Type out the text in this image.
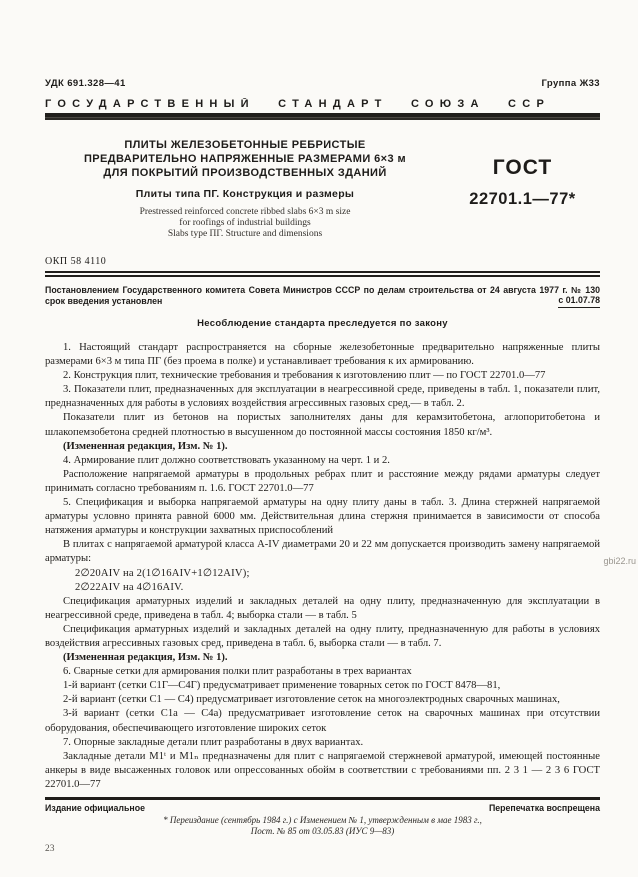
УДК 691.328—41	Группа Ж33
ГОСУДАРСТВЕННЫЙ СТАНДАРТ СОЮЗА ССР
ПЛИТЫ ЖЕЛЕЗОБЕТОННЫЕ РЕБРИСТЫЕ
ПРЕДВАРИТЕЛЬНО НАПРЯЖЕННЫЕ РАЗМЕРАМИ 6×3 м
ДЛЯ ПОКРЫТИЙ ПРОИЗВОДСТВЕННЫХ ЗДАНИЙ
Плиты типа ПГ. Конструкция и размеры
Prestressed reinforced concrete ribbed slabs 6×3 m size
for roofings of industrial buildings
Slabs type ПГ. Structure and dimensions
ГОСТ
22701.1—77*
ОКП 58 4110
Постановлением Государственного комитета Совета Министров СССР по делам строительства от 24 августа 1977 г. № 130 срок введения установлен	с 01.07.78
Несоблюдение стандарта преследуется по закону

1. Настоящий стандарт распространяется на сборные железобетонные предварительно напряженные плиты размерами 6×3 м типа ПГ (без проема в полке) и устанавливает требования к их армированию.

2. Конструкция плит, технические требования и требования к изготовлению плит — по ГОСТ 22701.0—77

3. Показатели плит, предназначенных для эксплуатации в неагрессивной среде, приведены в табл. 1, показатели плит, предназначенных для работы в условиях воздействия агрессивных газовых сред,— в табл. 2.

Показатели плит из бетонов на пористых заполнителях даны для керамзитобетона, аглопоритобетона и шлакопемзобетона средней плотностью в высушенном до постоянной массы состояния 1850 кг/м³.

(Измененная редакция, Изм. № 1).

4. Армирование плит должно соответствовать указанному на черт. 1 и 2.

Расположение напрягаемой арматуры в продольных ребрах плит и расстояние между рядами арматуры следует принимать согласно требованиям п. 1.6. ГОСТ 22701.0—77

5. Спецификация и выборка напрягаемой арматуры на одну плиту даны в табл. 3. Длина стержней напрягаемой арматуры условно принята равной 6000 мм. Действительная длина стержня принимается в зависимости от способа натяжения арматуры и конструкции захватных приспособлений

В плитах с напрягаемой арматурой класса А-IV диаметрами 20 и 22 мм допускается производить замену напрягаемой арматуры:

2∅20АIV на 2(1∅16АIV+1∅12АIV);

2∅22АIV на 4∅16АIV.

Спецификация арматурных изделий и закладных деталей на одну плиту, предназначенную для эксплуатации в неагрессивной среде, приведена в табл. 4; выборка стали — в табл. 5

Спецификация арматурных изделий и закладных деталей на одну плиту, предназначенную для работы в условиях воздействия агрессивных газовых сред, приведена в табл. 6, выборка стали — в табл. 7.

(Измененная редакция, Изм. № 1).

6. Сварные сетки для армирования полки плит разработаны в трех вариантах

1-й вариант (сетки С1Г—С4Г) предусматривает применение товарных сеток по ГОСТ 8478—81,

2-й вариант (сетки С1 — С4) предусматривает изготовление сеток на многоэлектродных сварочных машинах,

3-й вариант (сетки С1а — С4а) предусматривает изготовление сеток на сварочных машинах при отсутствии оборудования, обеспечивающего изготовление широких сеток

7. Опорные закладные детали плит разработаны в двух вариантах.

Закладные детали М1ᵗ и М1ₙ предназначены для плит с напрягаемой стержневой арматурой, имеющей постоянные анкеры в виде высаженных головок или опрессованных обойм в соответствии с требованиями пп. 2 3 1 — 2 3 6 ГОСТ 22701.0—77

Издание официальное	Перепечатка воспрещена
* Переиздание (сентябрь 1984 г.) с Изменением № 1, утвержденным в мае 1983 г.,
Пост. № 85 от 03.05.83 (ИУС 9—83)
23
gbi22.ru
